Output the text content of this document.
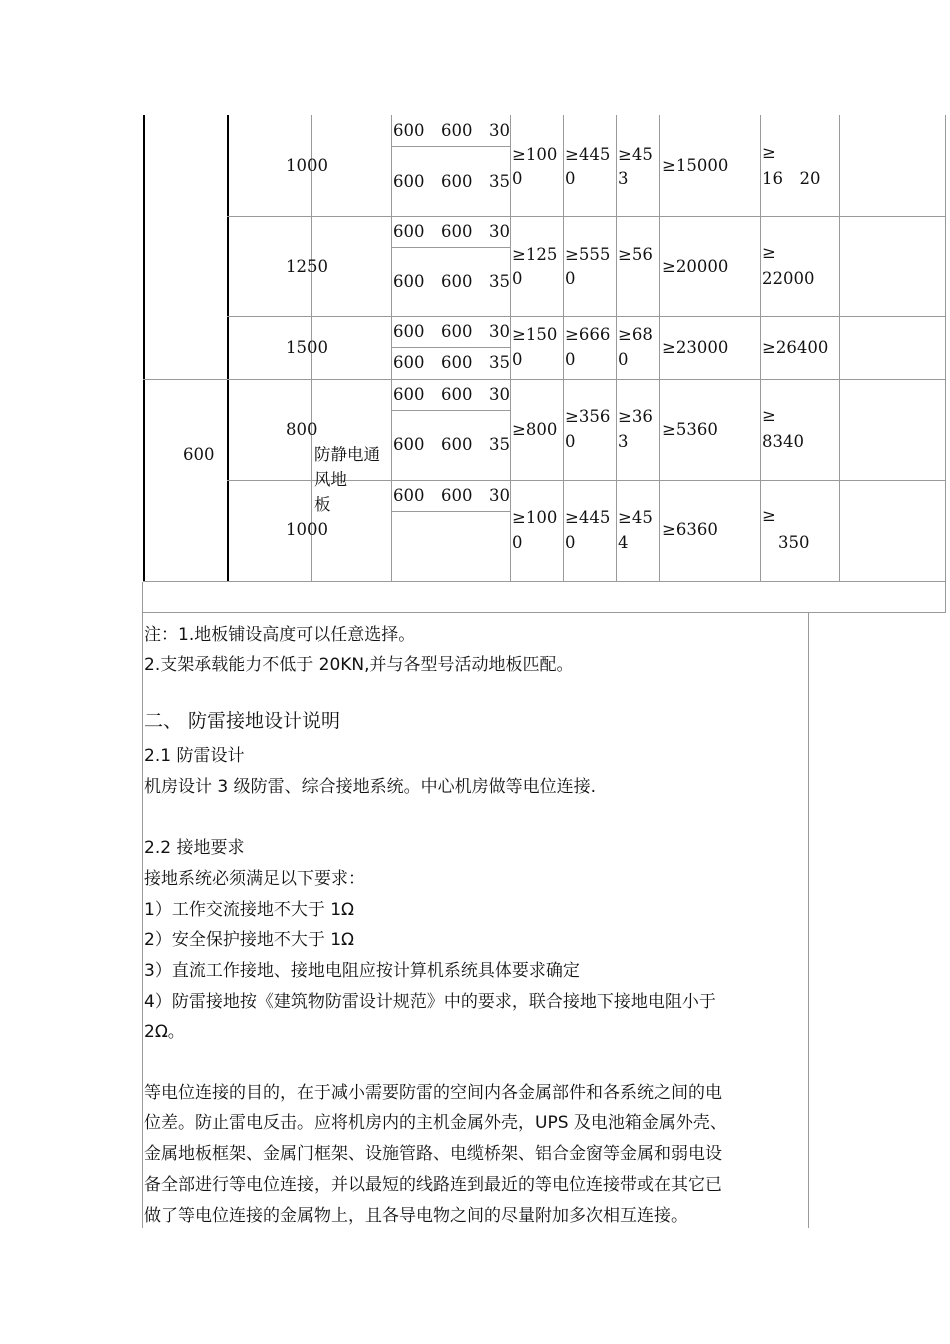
600	防静电通
风地
板
1000
600　600　30
600　600　35
≥100
0
≥445
0
≥45
3
≥15000
≥
16　20
1250
600　600　30
600　600　35
≥125
0
≥555
0
≥56
≥20000
≥
22000
1500
600　600　30
600　600　35
≥150
0
≥666
0
≥68
0
≥23000 ≥26400
800
600　600　30
600　600　35
≥800
≥356
0
≥36
3
≥5360
≥
8340
1000
600　600　30
≥100
0
≥445
0
≥45
4
≥6360
≥
350
注：1.地板铺设高度可以任意选择。
2.支架承载能力不低于 20KN,并与各型号活动地板匹配。
二、 防雷接地设计说明
2.1 防雷设计
机房设计 3 级防雷、综合接地系统。中心机房做等电位连接.
2.2 接地要求
接地系统必须满足以下要求：
1）工作交流接地不大于 1Ω
2）安全保护接地不大于 1Ω
3）直流工作接地、接地电阻应按计算机系统具体要求确定
4）防雷接地按《建筑物防雷设计规范》中的要求，联合接地下接地电阻小于
2Ω。
等电位连接的目的，在于减小需要防雷的空间内各金属部件和各系统之间的电
位差。防止雷电反击。应将机房内的主机金属外壳，UPS 及电池箱金属外壳、
金属地板框架、金属门框架、设施管路、电缆桥架、铝合金窗等金属和弱电设
备全部进行等电位连接，并以最短的线路连到最近的等电位连接带或在其它已
做了等电位连接的金属物上，且各导电物之间的尽量附加多次相互连接。
